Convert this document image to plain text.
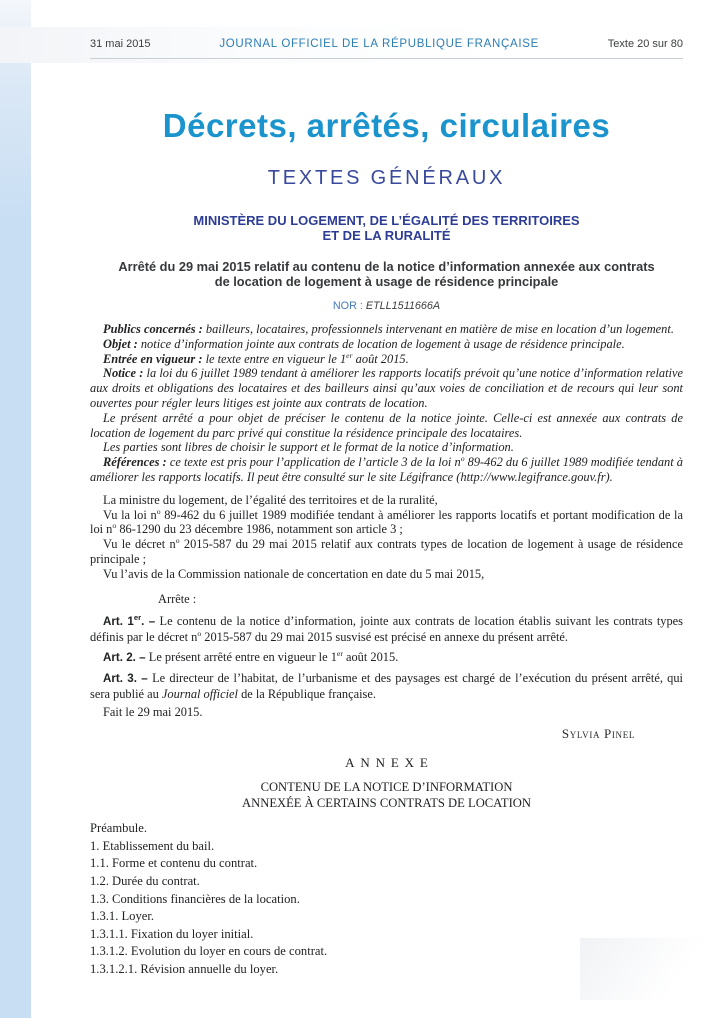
31 mai 2015	JOURNAL OFFICIEL DE LA RÉPUBLIQUE FRANÇAISE	Texte 20 sur 80
Décrets, arrêtés, circulaires
TEXTES GÉNÉRAUX
MINISTÈRE DU LOGEMENT, DE L’ÉGALITÉ DES TERRITOIRES
ET DE LA RURALITÉ
Arrêté du 29 mai 2015 relatif au contenu de la notice d’information annexée aux contrats
de location de logement à usage de résidence principale
NOR : ETLL1511666A

Publics concernés : bailleurs, locataires, professionnels intervenant en matière de mise en location d’un logement.

Objet : notice d’information jointe aux contrats de location de logement à usage de résidence principale.

Entrée en vigueur : le texte entre en vigueur le 1er août 2015.

Notice : la loi du 6 juillet 1989 tendant à améliorer les rapports locatifs prévoit qu’une notice d’information relative aux droits et obligations des locataires et des bailleurs ainsi qu’aux voies de conciliation et de recours qui leur sont ouvertes pour régler leurs litiges est jointe aux contrats de location.

Le présent arrêté a pour objet de préciser le contenu de la notice jointe. Celle-ci est annexée aux contrats de location de logement du parc privé qui constitue la résidence principale des locataires.

Les parties sont libres de choisir le support et le format de la notice d’information.

Références : ce texte est pris pour l’application de l’article 3 de la loi $n^o$ 89-462 du 6 juillet 1989 modifiée tendant à améliorer les rapports locatifs. Il peut être consulté sur le site Légifrance (http://www.legifrance.gouv.fr).

La ministre du logement, de l’égalité des territoires et de la ruralité,

Vu la loi $n^o$ 89-462 du 6 juillet 1989 modifiée tendant à améliorer les rapports locatifs et portant modification de la loi $n^o$ 86-1290 du 23 décembre 1986, notamment son article 3 ;

Vu le décret $n^o$ 2015-587 du 29 mai 2015 relatif aux contrats types de location de logement à usage de résidence principale ;

Vu l’avis de la Commission nationale de concertation en date du 5 mai 2015,

Arrête :

Art. 1er. – Le contenu de la notice d’information, jointe aux contrats de location établis suivant les contrats types définis par le décret $n^o$ 2015-587 du 29 mai 2015 susvisé est précisé en annexe du présent arrêté.

Art. 2. – Le présent arrêté entre en vigueur le 1er août 2015.

Art. 3. – Le directeur de l’habitat, de l’urbanisme et des paysages est chargé de l’exécution du présent arrêté, qui sera publié au Journal officiel de la République française.

Fait le 29 mai 2015.

Sylvia Pinel
ANNEXE
CONTENU DE LA NOTICE D’INFORMATION
ANNEXÉE À CERTAINS CONTRATS DE LOCATION

Préambule.

1. Etablissement du bail.

1.1. Forme et contenu du contrat.

1.2. Durée du contrat.

1.3. Conditions financières de la location.

1.3.1. Loyer.

1.3.1.1. Fixation du loyer initial.

1.3.1.2. Evolution du loyer en cours de contrat.

1.3.1.2.1. Révision annuelle du loyer.
